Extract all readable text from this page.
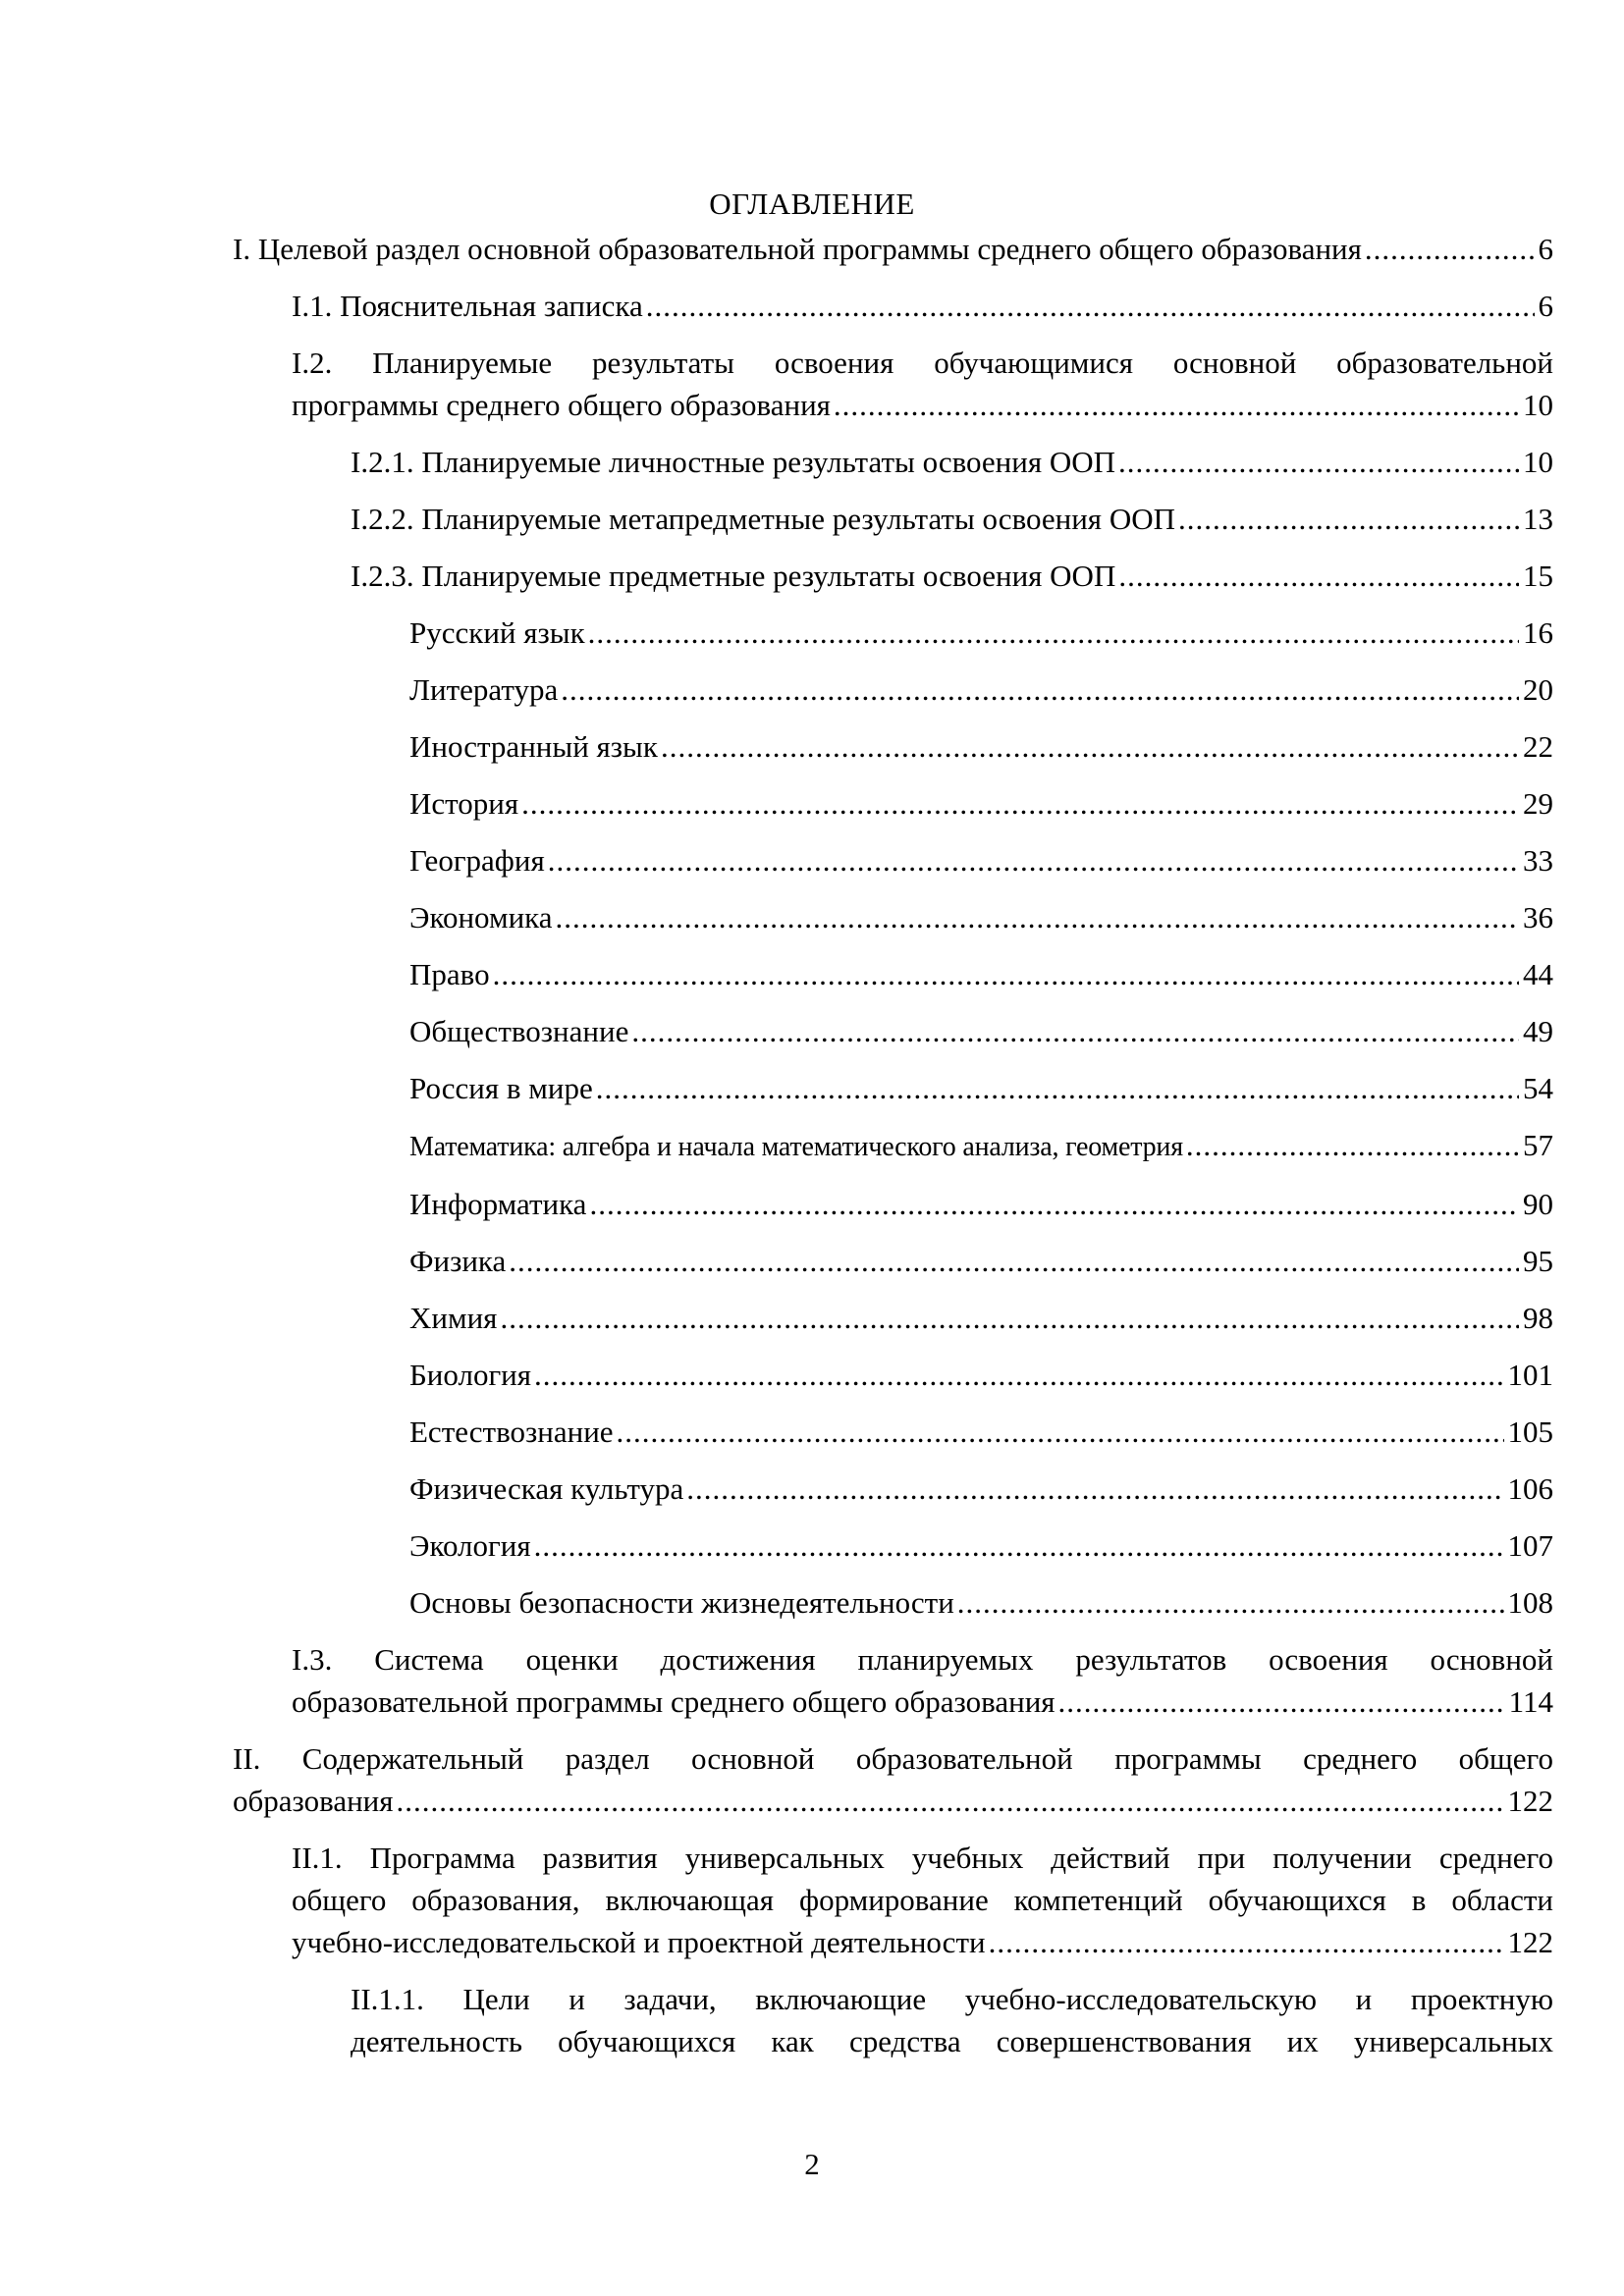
ОГЛАВЛЕНИЕ
I. Целевой раздел основной образовательной программы среднего общего образования .....	6
I.1. Пояснительная записка .....	6
I.2. Планируемые результаты освоения обучающимися основной образовательной
программы среднего общего образования .....	10
I.2.1. Планируемые личностные результаты освоения ООП .....	10
I.2.2. Планируемые метапредметные результаты освоения ООП .....	13
I.2.3. Планируемые предметные результаты освоения ООП .....	15
Русский язык .....	16
Литература .....	20
Иностранный язык .....	22
История .....	29
География .....	33
Экономика .....	36
Право .....	44
Обществознание .....	49
Россия в мире .....	54
Математика: алгебра и начала математического анализа, геометрия .....	57
Информатика .....	90
Физика .....	95
Химия .....	98
Биология .....	101
Естествознание .....	105
Физическая культура .....	106
Экология .....	107
Основы безопасности жизнедеятельности .....	108
I.3. Система оценки достижения планируемых результатов освоения основной
образовательной программы среднего общего образования .....	114
II. Содержательный раздел основной образовательной программы среднего общего
образования .....	122
II.1. Программа развития универсальных учебных действий при получении среднего
общего образования, включающая формирование компетенций обучающихся в области
учебно-исследовательской и проектной деятельности .....	122
II.1.1. Цели и задачи, включающие учебно-исследовательскую и проектную
деятельность обучающихся как средства совершенствования их универсальных
2
